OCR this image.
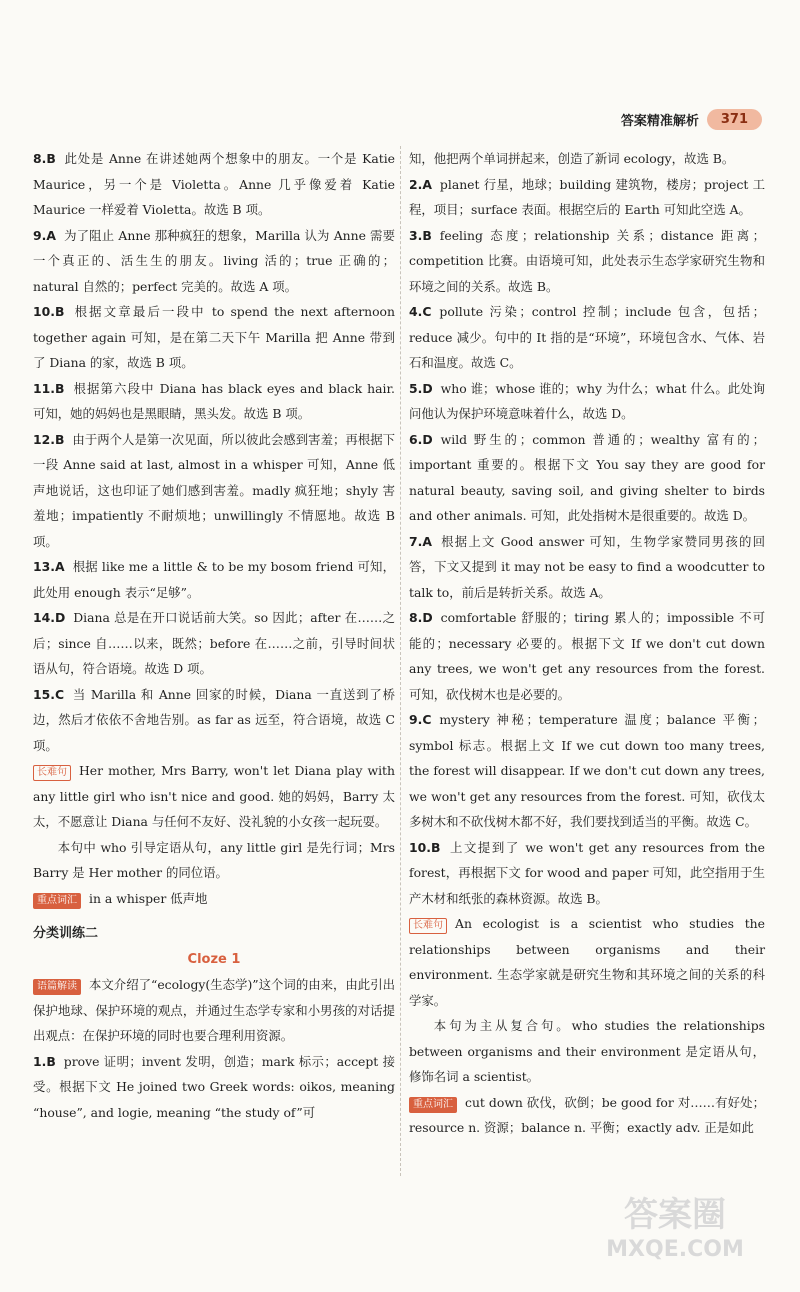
答案精准解析	371

8.B 此处是 Anne 在讲述她两个想象中的朋友。一个是 Katie Maurice，另一个是 Violetta。Anne 几乎像爱着 Katie Maurice 一样爱着 Violetta。故选 B 项。

9.A 为了阻止 Anne 那种疯狂的想象，Marilla 认为 Anne 需要一个真正的、活生生的朋友。living 活的；true 正确的；natural 自然的；perfect 完美的。故选 A 项。

10.B 根据文章最后一段中 to spend the next afternoon together again 可知，是在第二天下午 Marilla 把 Anne 带到了 Diana 的家，故选 B 项。

11.B 根据第六段中 Diana has black eyes and black hair. 可知，她的妈妈也是黑眼睛，黑头发。故选 B 项。

12.B 由于两个人是第一次见面，所以彼此会感到害羞；再根据下一段 Anne said at last, almost in a whisper 可知，Anne 低声地说话，这也印证了她们感到害羞。madly 疯狂地；shyly 害羞地；impatiently 不耐烦地；unwillingly 不情愿地。故选 B 项。

13.A 根据 like me a little & to be my bosom friend 可知，此处用 enough 表示“足够”。

14.D Diana 总是在开口说话前大笑。so 因此；after 在……之后；since 自……以来，既然；before 在……之前，引导时间状语从句，符合语境。故选 D 项。

15.C 当 Marilla 和 Anne 回家的时候，Diana 一直送到了桥边，然后才依依不舍地告别。as far as 远至，符合语境，故选 C 项。

长难句 Her mother, Mrs Barry, won't let Diana play with any little girl who isn't nice and good. 她的妈妈，Barry 太太，不愿意让 Diana 与任何不友好、没礼貌的小女孩一起玩耍。

本句中 who 引导定语从句，any little girl 是先行词；Mrs Barry 是 Her mother 的同位语。

重点词汇 in a whisper 低声地

分类训练二
Cloze 1

语篇解读 本文介绍了“ecology(生态学)”这个词的由来，由此引出保护地球、保护环境的观点，并通过生态学专家和小男孩的对话提出观点：在保护环境的同时也要合理利用资源。

1.B prove 证明；invent 发明，创造；mark 标示；accept 接受。根据下文 He joined two Greek words: oikos, meaning “house”, and logie, meaning “the study of”可

知，他把两个单词拼起来，创造了新词 ecology，故选 B。

2.A planet 行星，地球；building 建筑物，楼房；project 工程，项目；surface 表面。根据空后的 Earth 可知此空选 A。

3.B feeling 态度；relationship 关系；distance 距离；competition 比赛。由语境可知，此处表示生态学家研究生物和环境之间的关系。故选 B。

4.C pollute 污染；control 控制；include 包含，包括；reduce 减少。句中的 It 指的是“环境”，环境包含水、气体、岩石和温度。故选 C。

5.D who 谁；whose 谁的；why 为什么；what 什么。此处询问他认为保护环境意味着什么，故选 D。

6.D wild 野生的；common 普通的；wealthy 富有的；important 重要的。根据下文 You say they are good for natural beauty, saving soil, and giving shelter to birds and other animals. 可知，此处指树木是很重要的。故选 D。

7.A 根据上文 Good answer 可知，生物学家赞同男孩的回答，下文又提到 it may not be easy to find a woodcutter to talk to，前后是转折关系。故选 A。

8.D comfortable 舒服的；tiring 累人的；impossible 不可能的；necessary 必要的。根据下文 If we don't cut down any trees, we won't get any resources from the forest. 可知，砍伐树木也是必要的。

9.C mystery 神秘；temperature 温度；balance 平衡；symbol 标志。根据上文 If we cut down too many trees, the forest will disappear. If we don't cut down any trees, we won't get any resources from the forest. 可知，砍伐太多树木和不砍伐树木都不好，我们要找到适当的平衡。故选 C。

10.B 上文提到了 we won't get any resources from the forest，再根据下文 for wood and paper 可知，此空指用于生产木材和纸张的森林资源。故选 B。

长难句 An ecologist is a scientist who studies the relationships between organisms and their environment. 生态学家就是研究生物和其环境之间的关系的科学家。

本句为主从复合句。who studies the relationships between organisms and their environment 是定语从句，修饰名词 a scientist。

重点词汇 cut down 砍伐，砍倒；be good for 对……有好处；resource n. 资源；balance n. 平衡；exactly adv. 正是如此

答案圈
MXQE.COM
